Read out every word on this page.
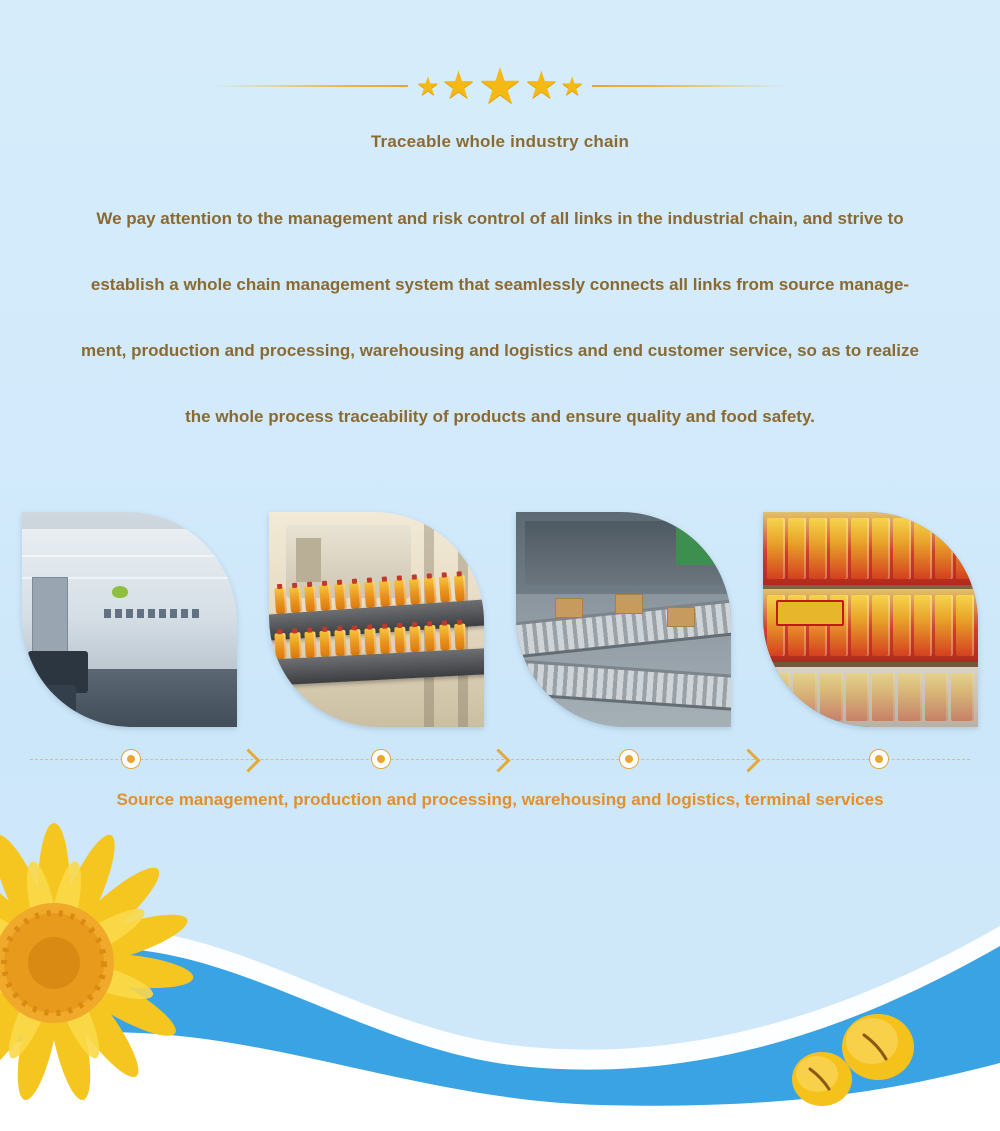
★ ★ ★ ★ ★
Traceable whole industry chain
We pay attention to the management and risk control of all links in the industrial chain, and strive to
establish a whole chain management system that seamlessly connects all links from source manage-
ment, production and processing, warehousing and logistics and end customer service, so as to realize
the whole process traceability of products and ensure quality and food safety.
Source management, production and processing, warehousing and logistics, terminal services
